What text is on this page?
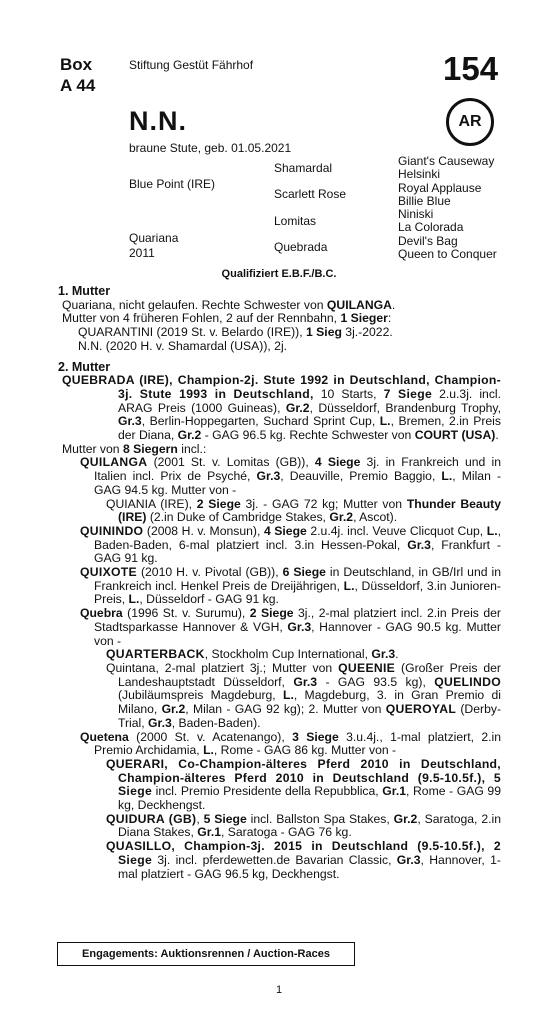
Box
A 44
Stiftung Gestüt Fährhof	154
AR
N.N.
braune Stute, geb. 01.05.2021
Blue Point (IRE)
Quariana
2011
Shamardal
Scarlett Rose
Lomitas
Quebrada
Giant's Causeway
Helsinki
Royal Applause
Billie Blue
Niniski
La Colorada
Devil's Bag
Queen to Conquer
Qualifiziert E.B.F./B.C.
1. Mutter
Quariana, nicht gelaufen. Rechte Schwester von QUILANGA.
Mutter von 4 früheren Fohlen, 2 auf der Rennbahn, 1 Sieger:
QUARANTINI (2019 St. v. Belardo (IRE)), 1 Sieg 3j.-2022.
N.N. (2020 H. v. Shamardal (USA)), 2j.
2. Mutter
QUEBRADA (IRE), Champion-2j. Stute 1992 in Deutschland, Champion-3j. Stute 1993 in Deutschland, 10 Starts, 7 Siege 2.u.3j. incl. ARAG Preis (1000 Guineas), Gr.2, Düsseldorf, Brandenburg Trophy, Gr.3, Berlin-Hoppegarten, Suchard Sprint Cup, L., Bremen, 2.in Preis der Diana, Gr.2 - GAG 96.5 kg. Rechte Schwester von COURT (USA).
Mutter von 8 Siegern incl.:
QUILANGA (2001 St. v. Lomitas (GB)), 4 Siege 3j. in Frankreich und in Italien incl. Prix de Psyché, Gr.3, Deauville, Premio Baggio, L., Milan - GAG 94.5 kg. Mutter von -
QUIANIA (IRE), 2 Siege 3j. - GAG 72 kg; Mutter von Thunder Beauty (IRE) (2.in Duke of Cambridge Stakes, Gr.2, Ascot).
QUININDO (2008 H. v. Monsun), 4 Siege 2.u.4j. incl. Veuve Clicquot Cup, L., Baden-Baden, 6-mal platziert incl. 3.in Hessen-Pokal, Gr.3, Frankfurt - GAG 91 kg.
QUIXOTE (2010 H. v. Pivotal (GB)), 6 Siege in Deutschland, in GB/Irl und in Frankreich incl. Henkel Preis de Dreijährigen, L., Düsseldorf, 3.in Junioren-Preis, L., Düsseldorf - GAG 91 kg.
Quebra (1996 St. v. Surumu), 2 Siege 3j., 2-mal platziert incl. 2.in Preis der Stadtsparkasse Hannover & VGH, Gr.3, Hannover - GAG 90.5 kg. Mutter von -
QUARTERBACK, Stockholm Cup International, Gr.3.
Quintana, 2-mal platziert 3j.; Mutter von QUEENIE (Großer Preis der Landeshauptstadt Düsseldorf, Gr.3 - GAG 93.5 kg), QUELINDO (Jubiläumspreis Magdeburg, L., Magdeburg, 3. in Gran Premio di Milano, Gr.2, Milan - GAG 92 kg); 2. Mutter von QUEROYAL (Derby-Trial, Gr.3, Baden-Baden).
Quetena (2000 St. v. Acatenango), 3 Siege 3.u.4j., 1-mal platziert, 2.in Premio Archidamia, L., Rome - GAG 86 kg. Mutter von -
QUERARI, Co-Champion-älteres Pferd 2010 in Deutschland, Champion-älteres Pferd 2010 in Deutschland (9.5-10.5f.), 5 Siege incl. Premio Presidente della Repubblica, Gr.1, Rome - GAG 99 kg, Deckhengst.
QUIDURA (GB), 5 Siege incl. Ballston Spa Stakes, Gr.2, Saratoga, 2.in Diana Stakes, Gr.1, Saratoga - GAG 76 kg.
QUASILLO, Champion-3j. 2015 in Deutschland (9.5-10.5f.), 2 Siege 3j. incl. pferdewetten.de Bavarian Classic, Gr.3, Hannover, 1-mal platziert - GAG 96.5 kg, Deckhengst.
Engagements: Auktionsrennen / Auction-Races
1
